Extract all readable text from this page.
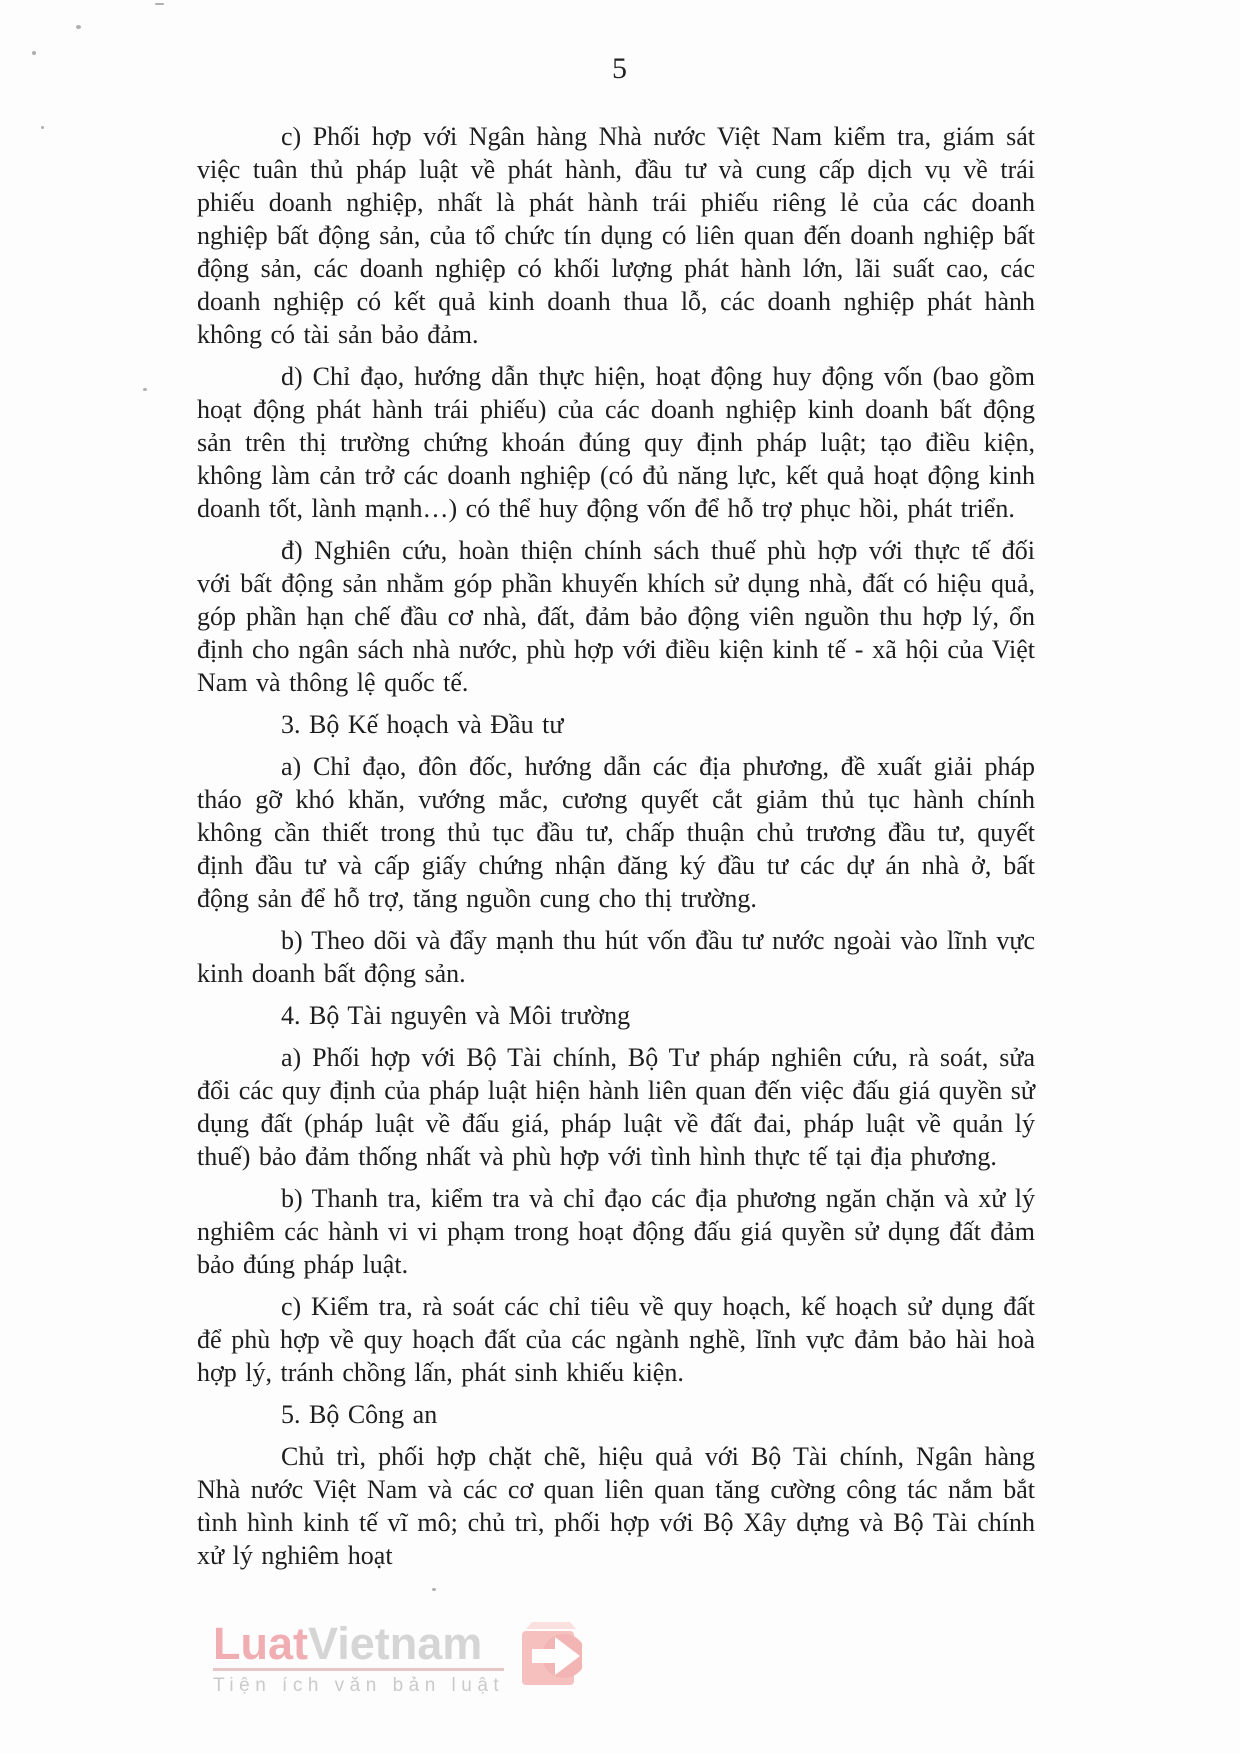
5

c) Phối hợp với Ngân hàng Nhà nước Việt Nam kiểm tra, giám sát việc tuân thủ pháp luật về phát hành, đầu tư và cung cấp dịch vụ về trái phiếu doanh nghiệp, nhất là phát hành trái phiếu riêng lẻ của các doanh nghiệp bất động sản, của tổ chức tín dụng có liên quan đến doanh nghiệp bất động sản, các doanh nghiệp có khối lượng phát hành lớn, lãi suất cao, các doanh nghiệp có kết quả kinh doanh thua lỗ, các doanh nghiệp phát hành không có tài sản bảo đảm.

d) Chỉ đạo, hướng dẫn thực hiện, hoạt động huy động vốn (bao gồm hoạt động phát hành trái phiếu) của các doanh nghiệp kinh doanh bất động sản trên thị trường chứng khoán đúng quy định pháp luật; tạo điều kiện, không làm cản trở các doanh nghiệp (có đủ năng lực, kết quả hoạt động kinh doanh tốt, lành mạnh…) có thể huy động vốn để hỗ trợ phục hồi, phát triển.

đ) Nghiên cứu, hoàn thiện chính sách thuế phù hợp với thực tế đối với bất động sản nhằm góp phần khuyến khích sử dụng nhà, đất có hiệu quả, góp phần hạn chế đầu cơ nhà, đất, đảm bảo động viên nguồn thu hợp lý, ổn định cho ngân sách nhà nước, phù hợp với điều kiện kinh tế - xã hội của Việt Nam và thông lệ quốc tế.

3. Bộ Kế hoạch và Đầu tư

a) Chỉ đạo, đôn đốc, hướng dẫn các địa phương, đề xuất giải pháp tháo gỡ khó khăn, vướng mắc, cương quyết cắt giảm thủ tục hành chính không cần thiết trong thủ tục đầu tư, chấp thuận chủ trương đầu tư, quyết định đầu tư và cấp giấy chứng nhận đăng ký đầu tư các dự án nhà ở, bất động sản để hỗ trợ, tăng nguồn cung cho thị trường.

b) Theo dõi và đẩy mạnh thu hút vốn đầu tư nước ngoài vào lĩnh vực kinh doanh bất động sản.

4. Bộ Tài nguyên và Môi trường

a) Phối hợp với Bộ Tài chính, Bộ Tư pháp nghiên cứu, rà soát, sửa đổi các quy định của pháp luật hiện hành liên quan đến việc đấu giá quyền sử dụng đất (pháp luật về đấu giá, pháp luật về đất đai, pháp luật về quản lý thuế) bảo đảm thống nhất và phù hợp với tình hình thực tế tại địa phương.

b) Thanh tra, kiểm tra và chỉ đạo các địa phương ngăn chặn và xử lý nghiêm các hành vi vi phạm trong hoạt động đấu giá quyền sử dụng đất đảm bảo đúng pháp luật.

c) Kiểm tra, rà soát các chỉ tiêu về quy hoạch, kế hoạch sử dụng đất để phù hợp về quy hoạch đất của các ngành nghề, lĩnh vực đảm bảo hài hoà hợp lý, tránh chồng lấn, phát sinh khiếu kiện.

5. Bộ Công an

Chủ trì, phối hợp chặt chẽ, hiệu quả với Bộ Tài chính, Ngân hàng Nhà nước Việt Nam và các cơ quan liên quan tăng cường công tác nắm bắt tình hình kinh tế vĩ mô; chủ trì, phối hợp với Bộ Xây dựng và Bộ Tài chính xử lý nghiêm hoạt

LuatVietnam
Tiện ích văn bản luật
